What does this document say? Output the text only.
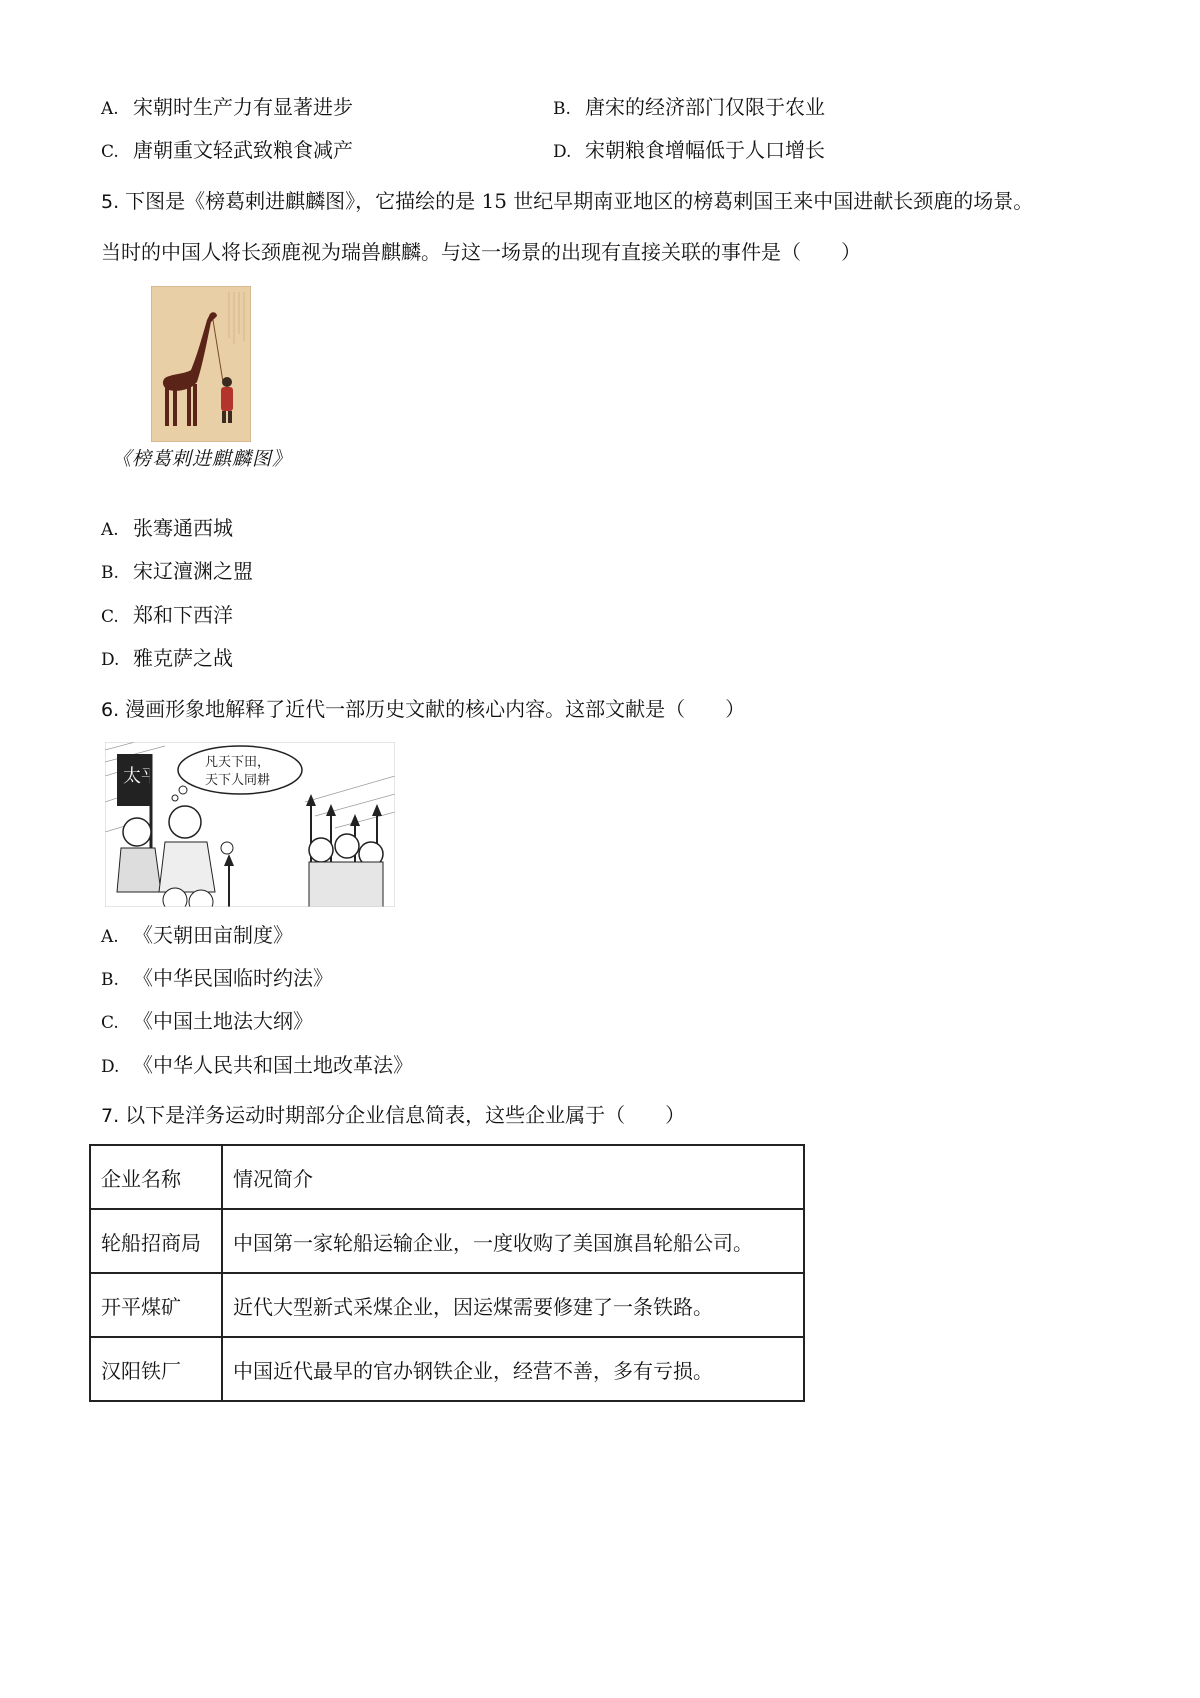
A. 宋朝时生产力有显著进步	B. 唐宋的经济部门仅限于农业
C. 唐朝重文轻武致粮食减产	D. 宋朝粮食增幅低于人口增长
5. 下图是《榜葛剌进麒麟图》，它描绘的是 15 世纪早期南亚地区的榜葛剌国王来中国进献长颈鹿的场景。
当时的中国人将长颈鹿视为瑞兽麒麟。与这一场景的出现有直接关联的事件是（　　）
《榜葛剌进麒麟图》
A. 张骞通西城
B. 宋辽澶渊之盟
C. 郑和下西洋
D. 雅克萨之战
6. 漫画形象地解释了近代一部历史文献的核心内容。这部文献是（　　）
太平
凡天下田，
天下人同耕
A. 《天朝田亩制度》
B. 《中华民国临时约法》
C. 《中国土地法大纲》
D. 《中华人民共和国土地改革法》
7. 以下是洋务运动时期部分企业信息简表，这些企业属于（　　）
企业名称	情况简介
轮船招商局	中国第一家轮船运输企业，一度收购了美国旗昌轮船公司。
开平煤矿	近代大型新式采煤企业，因运煤需要修建了一条铁路。
汉阳铁厂	中国近代最早的官办钢铁企业，经营不善，多有亏损。
